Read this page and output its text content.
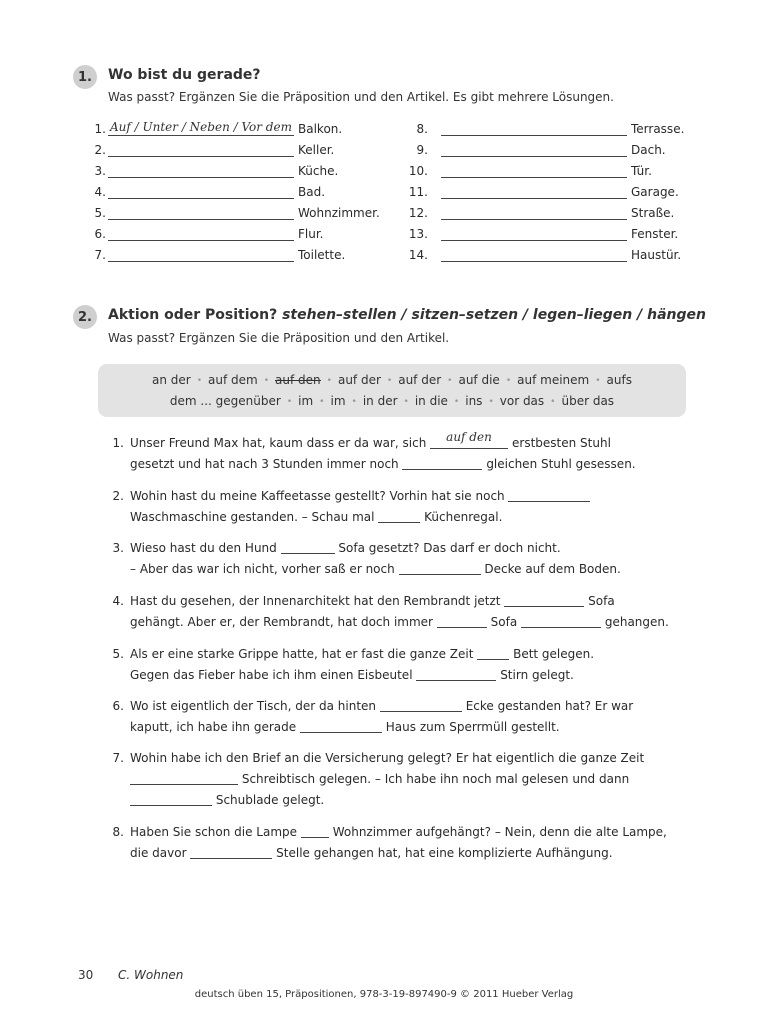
1.	Wo bist du gerade?
Was passt? Ergänzen Sie die Präposition und den Artikel. Es gibt mehrere Lösungen.
1. Auf / Unter / Neben / Vor dem Balkon.
2.	Keller.
3.	Küche.
4.	Bad.
5.	Wohnzimmer.
6.	Flur.
7.	Toilette.
8.	Terrasse.
9.	Dach.
10.	Tür.
11.	Garage.
12.	Straße.
13.	Fenster.
14.	Haustür.
2.	Aktion oder Position? stehen–stellen / sitzen–setzen / legen–liegen / hängen
Was passt? Ergänzen Sie die Präposition und den Artikel.
an der • auf dem • auf den • auf der • auf der • auf die • auf meinem • aufs
dem ... gegenüber • im • im • in der • in die • ins • vor das • über das
1. Unser Freund Max hat, kaum dass er da war, sich auf den erstbesten Stuhl
gesetzt und hat nach 3 Stunden immer noch	gleichen Stuhl gesessen.
2. Wohin hast du meine Kaffeetasse gestellt? Vorhin hat sie noch
Waschmaschine gestanden. – Schau mal	Küchenregal.
3. Wieso hast du den Hund	Sofa gesetzt? Das darf er doch nicht.
– Aber das war ich nicht, vorher saß er noch	Decke auf dem Boden.
4. Hast du gesehen, der Innenarchitekt hat den Rembrandt jetzt	Sofa
gehängt. Aber er, der Rembrandt, hat doch immer	Sofa	gehangen.
5. Als er eine starke Grippe hatte, hat er fast die ganze Zeit	Bett gelegen.
Gegen das Fieber habe ich ihm einen Eisbeutel	Stirn gelegt.
6. Wo ist eigentlich der Tisch, der da hinten	Ecke gestanden hat? Er war
kaputt, ich habe ihn gerade	Haus zum Sperrmüll gestellt.
7. Wohin habe ich den Brief an die Versicherung gelegt? Er hat eigentlich die ganze Zeit
Schreibtisch gelegen. – Ich habe ihn noch mal gelesen und dann
Schublade gelegt.
8. Haben Sie schon die Lampe	Wohnzimmer aufgehängt? – Nein, denn die alte Lampe,
die davor	Stelle gehangen hat, hat eine komplizierte Aufhängung.
30 C. Wohnen
deutsch üben 15, Präpositionen, 978-3-19-897490-9 © 2011 Hueber Verlag
